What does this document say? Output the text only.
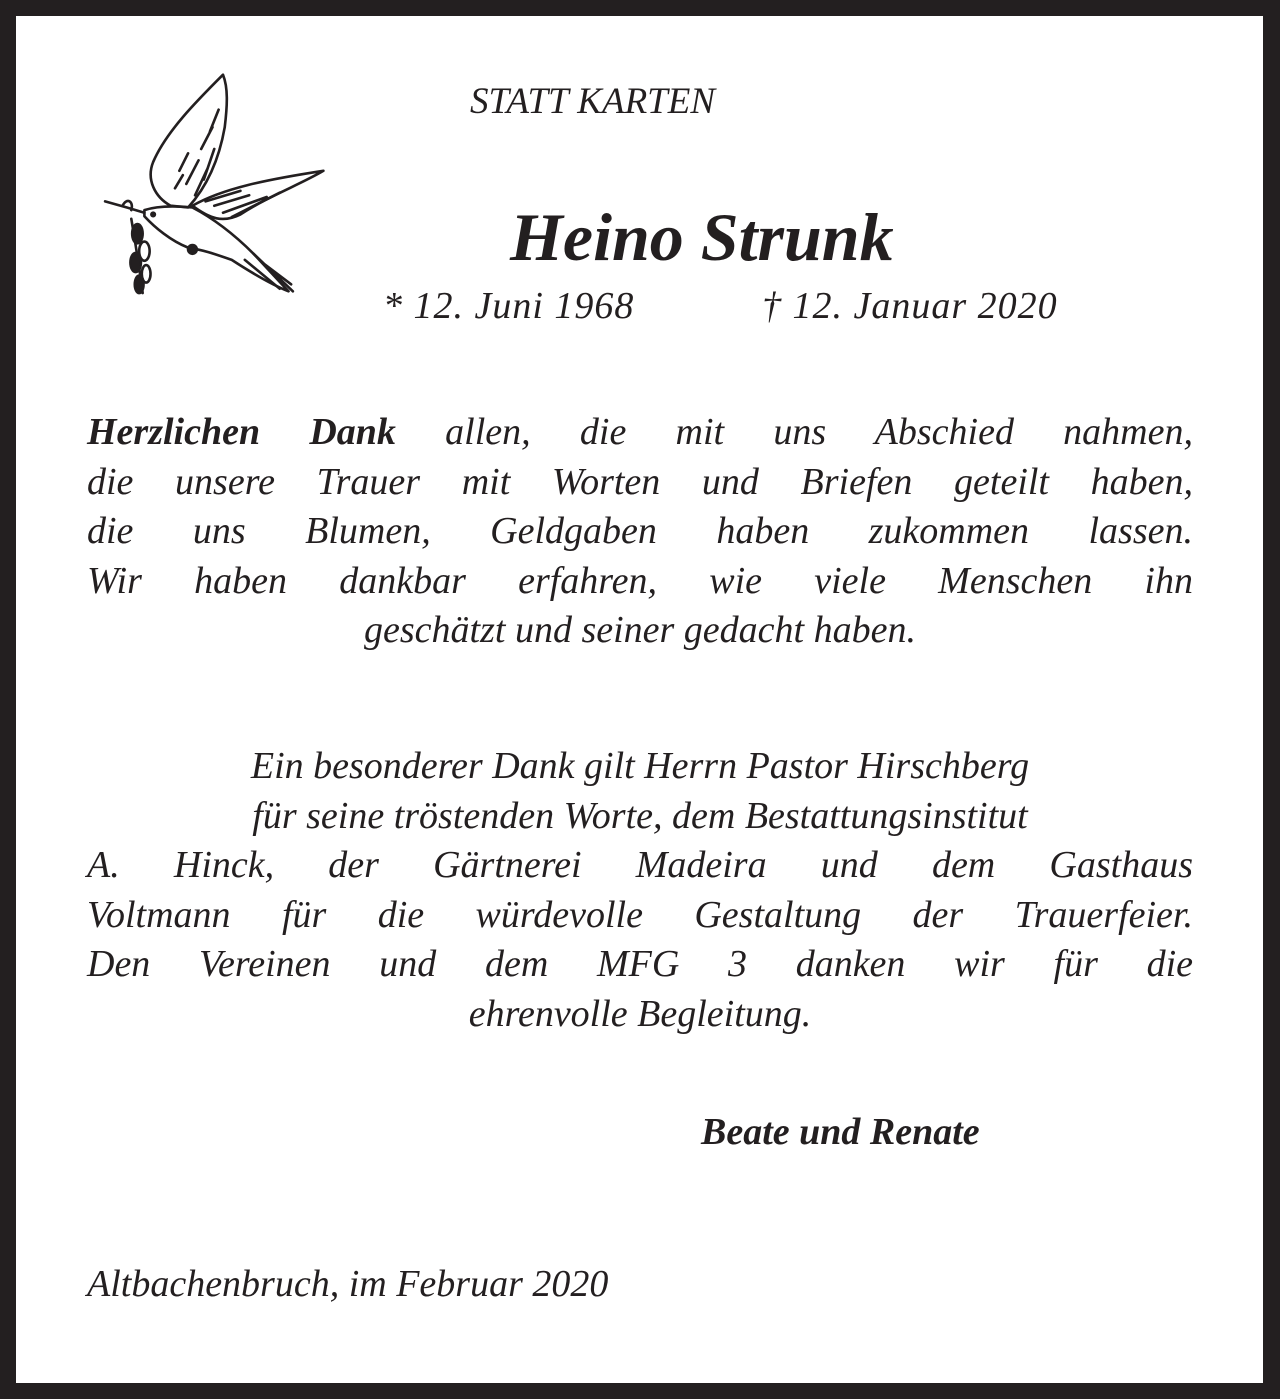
STATT KARTEN
Heino Strunk
* 12. Juni 1968	† 12. Januar 2020
Herzlichen Dank allen, die mit uns Abschied nahmen,
die unsere Trauer mit Worten und Briefen geteilt haben,
die uns Blumen, Geldgaben haben zukommen lassen.
Wir haben dankbar erfahren, wie viele Menschen ihn
geschätzt und seiner gedacht haben.
Ein besonderer Dank gilt Herrn Pastor Hirschberg
für seine tröstenden Worte, dem Bestattungsinstitut
A. Hinck, der Gärtnerei Madeira und dem Gasthaus
Voltmann für die würdevolle Gestaltung der Trauerfeier.
Den Vereinen und dem MFG 3 danken wir für die
ehrenvolle Begleitung.
Beate und Renate
Altbachenbruch, im Februar 2020
